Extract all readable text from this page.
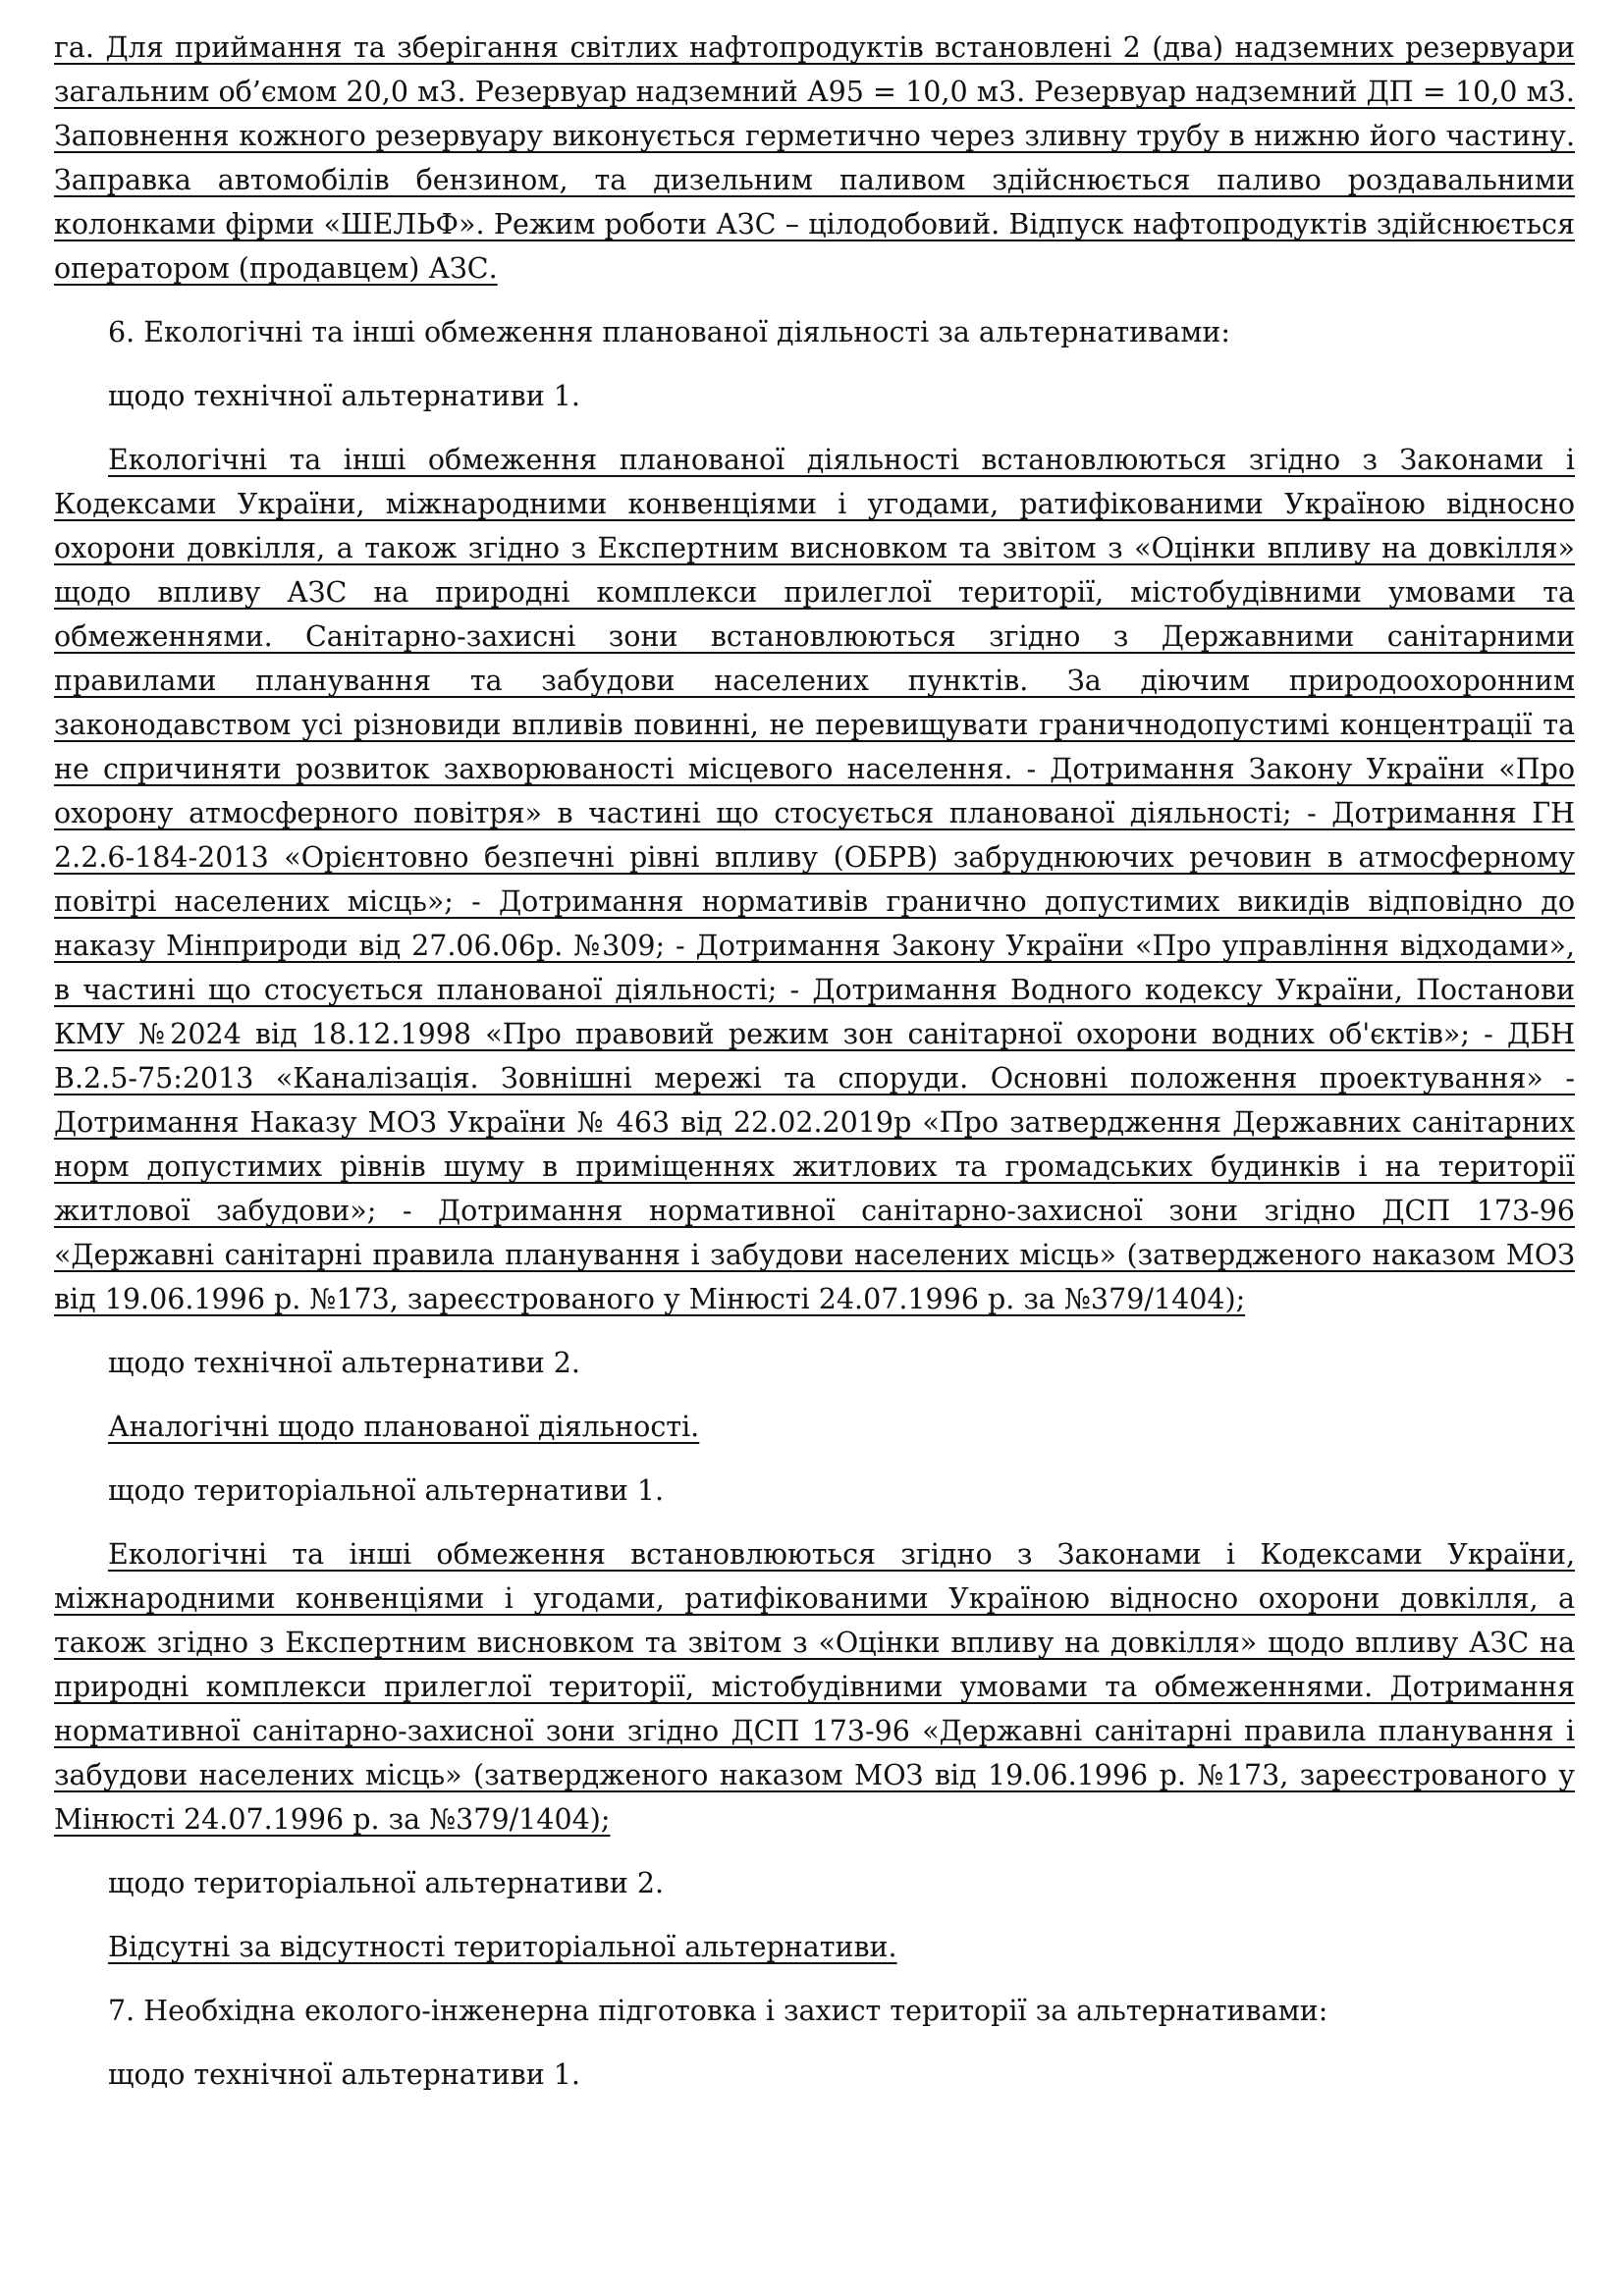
га. Для приймання та зберігання світлих нафтопродуктів встановлені 2 (два) надземних резервуари загальним об’ємом 20,0 м3. Резервуар надземний А95 = 10,0 м3. Резервуар надземний ДП = 10,0 м3. Заповнення кожного резервуару виконується герметично через зливну трубу в нижню його частину. Заправка автомобілів бензином, та дизельним паливом здійснюється паливо роздавальними колонками фірми «ШЕЛЬФ». Режим роботи АЗС – цілодобовий. Відпуск нафтопродуктів здійснюється оператором (продавцем) АЗС.

6. Екологічні та інші обмеження планованої діяльності за альтернативами:

щодо технічної альтернативи 1.

Екологічні та інші обмеження планованої діяльності встановлюються згідно з Законами і Кодексами України, міжнародними конвенціями і угодами, ратифікованими Україною відносно охорони довкілля, а також згідно з Експертним висновком та звітом з «Оцінки впливу на довкілля» щодо впливу АЗС на природні комплекси прилеглої території, містобудівними умовами та обмеженнями. Санітарно-захисні зони встановлюються згідно з Державними санітарними правилами планування та забудови населених пунктів. За діючим природоохоронним законодавством усі різновиди впливів повинні, не перевищувати граничнодопустимі концентрації та не спричиняти розвиток захворюваності місцевого населення. - Дотримання Закону України «Про охорону атмосферного повітря» в частині що стосується планованої діяльності; - Дотримання ГН 2.2.6-184-2013 «Орієнтовно безпечні рівні впливу (ОБРВ) забруднюючих речовин в атмосферному повітрі населених місць»; - Дотримання нормативів гранично допустимих викидів відповідно до наказу Мінприроди від 27.06.06р. №309; - Дотримання Закону України «Про управління відходами», в частині що стосується планованої діяльності; - Дотримання Водного кодексу України, Постанови КМУ №2024 від 18.12.1998 «Про правовий режим зон санітарної охорони водних об'єктів»; - ДБН В.2.5-75:2013 «Каналізація. Зовнішні мережі та споруди. Основні положення проектування» - Дотримання Наказу МОЗ України № 463 від 22.02.2019р «Про затвердження Державних санітарних норм допустимих рівнів шуму в приміщеннях житлових та громадських будинків і на території житлової забудови»; - Дотримання нормативної санітарно-захисної зони згідно ДСП 173-96 «Державні санітарні правила планування і забудови населених місць» (затвердженого наказом МОЗ від 19.06.1996 р. №173, зареєстрованого у Мінюсті 24.07.1996 р. за №379/1404);

щодо технічної альтернативи 2.

Аналогічні щодо планованої діяльності.

щодо територіальної альтернативи 1.

Екологічні та інші обмеження встановлюються згідно з Законами і Кодексами України, міжнародними конвенціями і угодами, ратифікованими Україною відносно охорони довкілля, а також згідно з Експертним висновком та звітом з «Оцінки впливу на довкілля» щодо впливу АЗС на природні комплекси прилеглої території, містобудівними умовами та обмеженнями. Дотримання нормативної санітарно-захисної зони згідно ДСП 173-96 «Державні санітарні правила планування і забудови населених місць» (затвердженого наказом МОЗ від 19.06.1996 р. №173, зареєстрованого у Мінюсті 24.07.1996 р. за №379/1404);

щодо територіальної альтернативи 2.

Відсутні за відсутності територіальної альтернативи.

7. Необхідна еколого-інженерна підготовка і захист території за альтернативами:

щодо технічної альтернативи 1.
